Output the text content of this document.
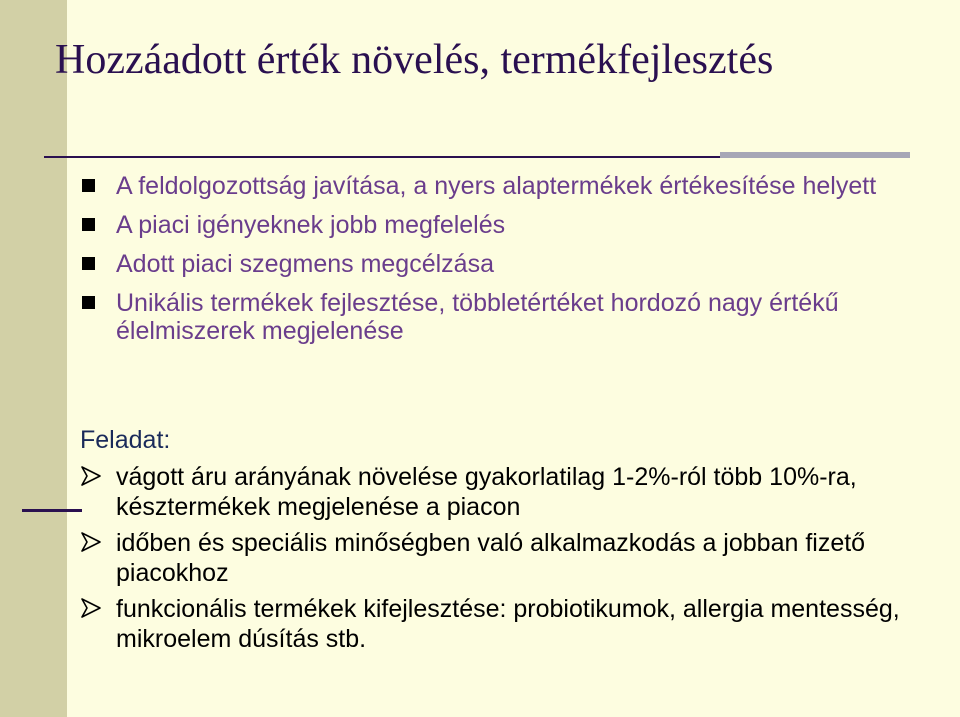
Hozzáadott érték növelés, termékfejlesztés
A feldolgozottság javítása, a nyers alaptermékek értékesítése helyett
A piaci igényeknek jobb megfelelés
Adott piaci szegmens megcélzása
Unikális termékek fejlesztése, többletértéket hordozó nagy értékű élelmiszerek megjelenése
Feladat:
vágott áru arányának növelése gyakorlatilag 1-2%-ról több 10%-ra, késztermékek megjelenése a piacon
időben és speciális minőségben való alkalmazkodás a jobban fizető piacokhoz
funkcionális termékek kifejlesztése: probiotikumok, allergia mentesség, mikroelem dúsítás stb.
